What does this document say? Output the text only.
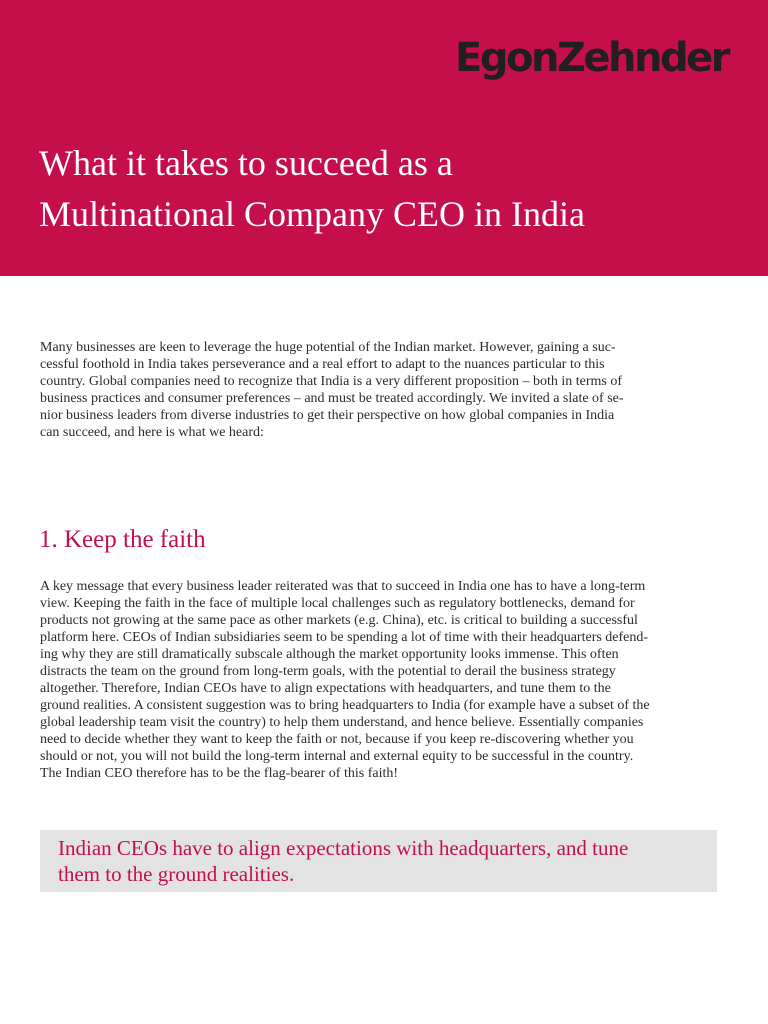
EgonZehnder
What it takes to succeed as a
Multinational Company CEO in India

Many businesses are keen to leverage the huge potential of the Indian market. However, gaining a suc-
cessful foothold in India takes perseverance and a real effort to adapt to the nuances particular to this
country. Global companies need to recognize that India is a very different proposition – both in terms of
business practices and consumer preferences – and must be treated accordingly. We invited a slate of se-
nior business leaders from diverse industries to get their perspective on how global companies in India
can succeed, and here is what we heard:

1. Keep the faith

A key message that every business leader reiterated was that to succeed in India one has to have a long-term
view. Keeping the faith in the face of multiple local challenges such as regulatory bottlenecks, demand for
products not growing at the same pace as other markets (e.g. China), etc. is critical to building a successful
platform here. CEOs of Indian subsidiaries seem to be spending a lot of time with their headquarters defend-
ing why they are still dramatically subscale although the market opportunity looks immense. This often
distracts the team on the ground from long-term goals, with the potential to derail the business strategy
altogether. Therefore, Indian CEOs have to align expectations with headquarters, and tune them to the
ground realities. A consistent suggestion was to bring headquarters to India (for example have a subset of the
global leadership team visit the country) to help them understand, and hence believe. Essentially companies
need to decide whether they want to keep the faith or not, because if you keep re-discovering whether you
should or not, you will not build the long-term internal and external equity to be successful in the country.
The Indian CEO therefore has to be the flag-bearer of this faith!

Indian CEOs have to align expectations with headquarters, and tune
them to the ground realities.
